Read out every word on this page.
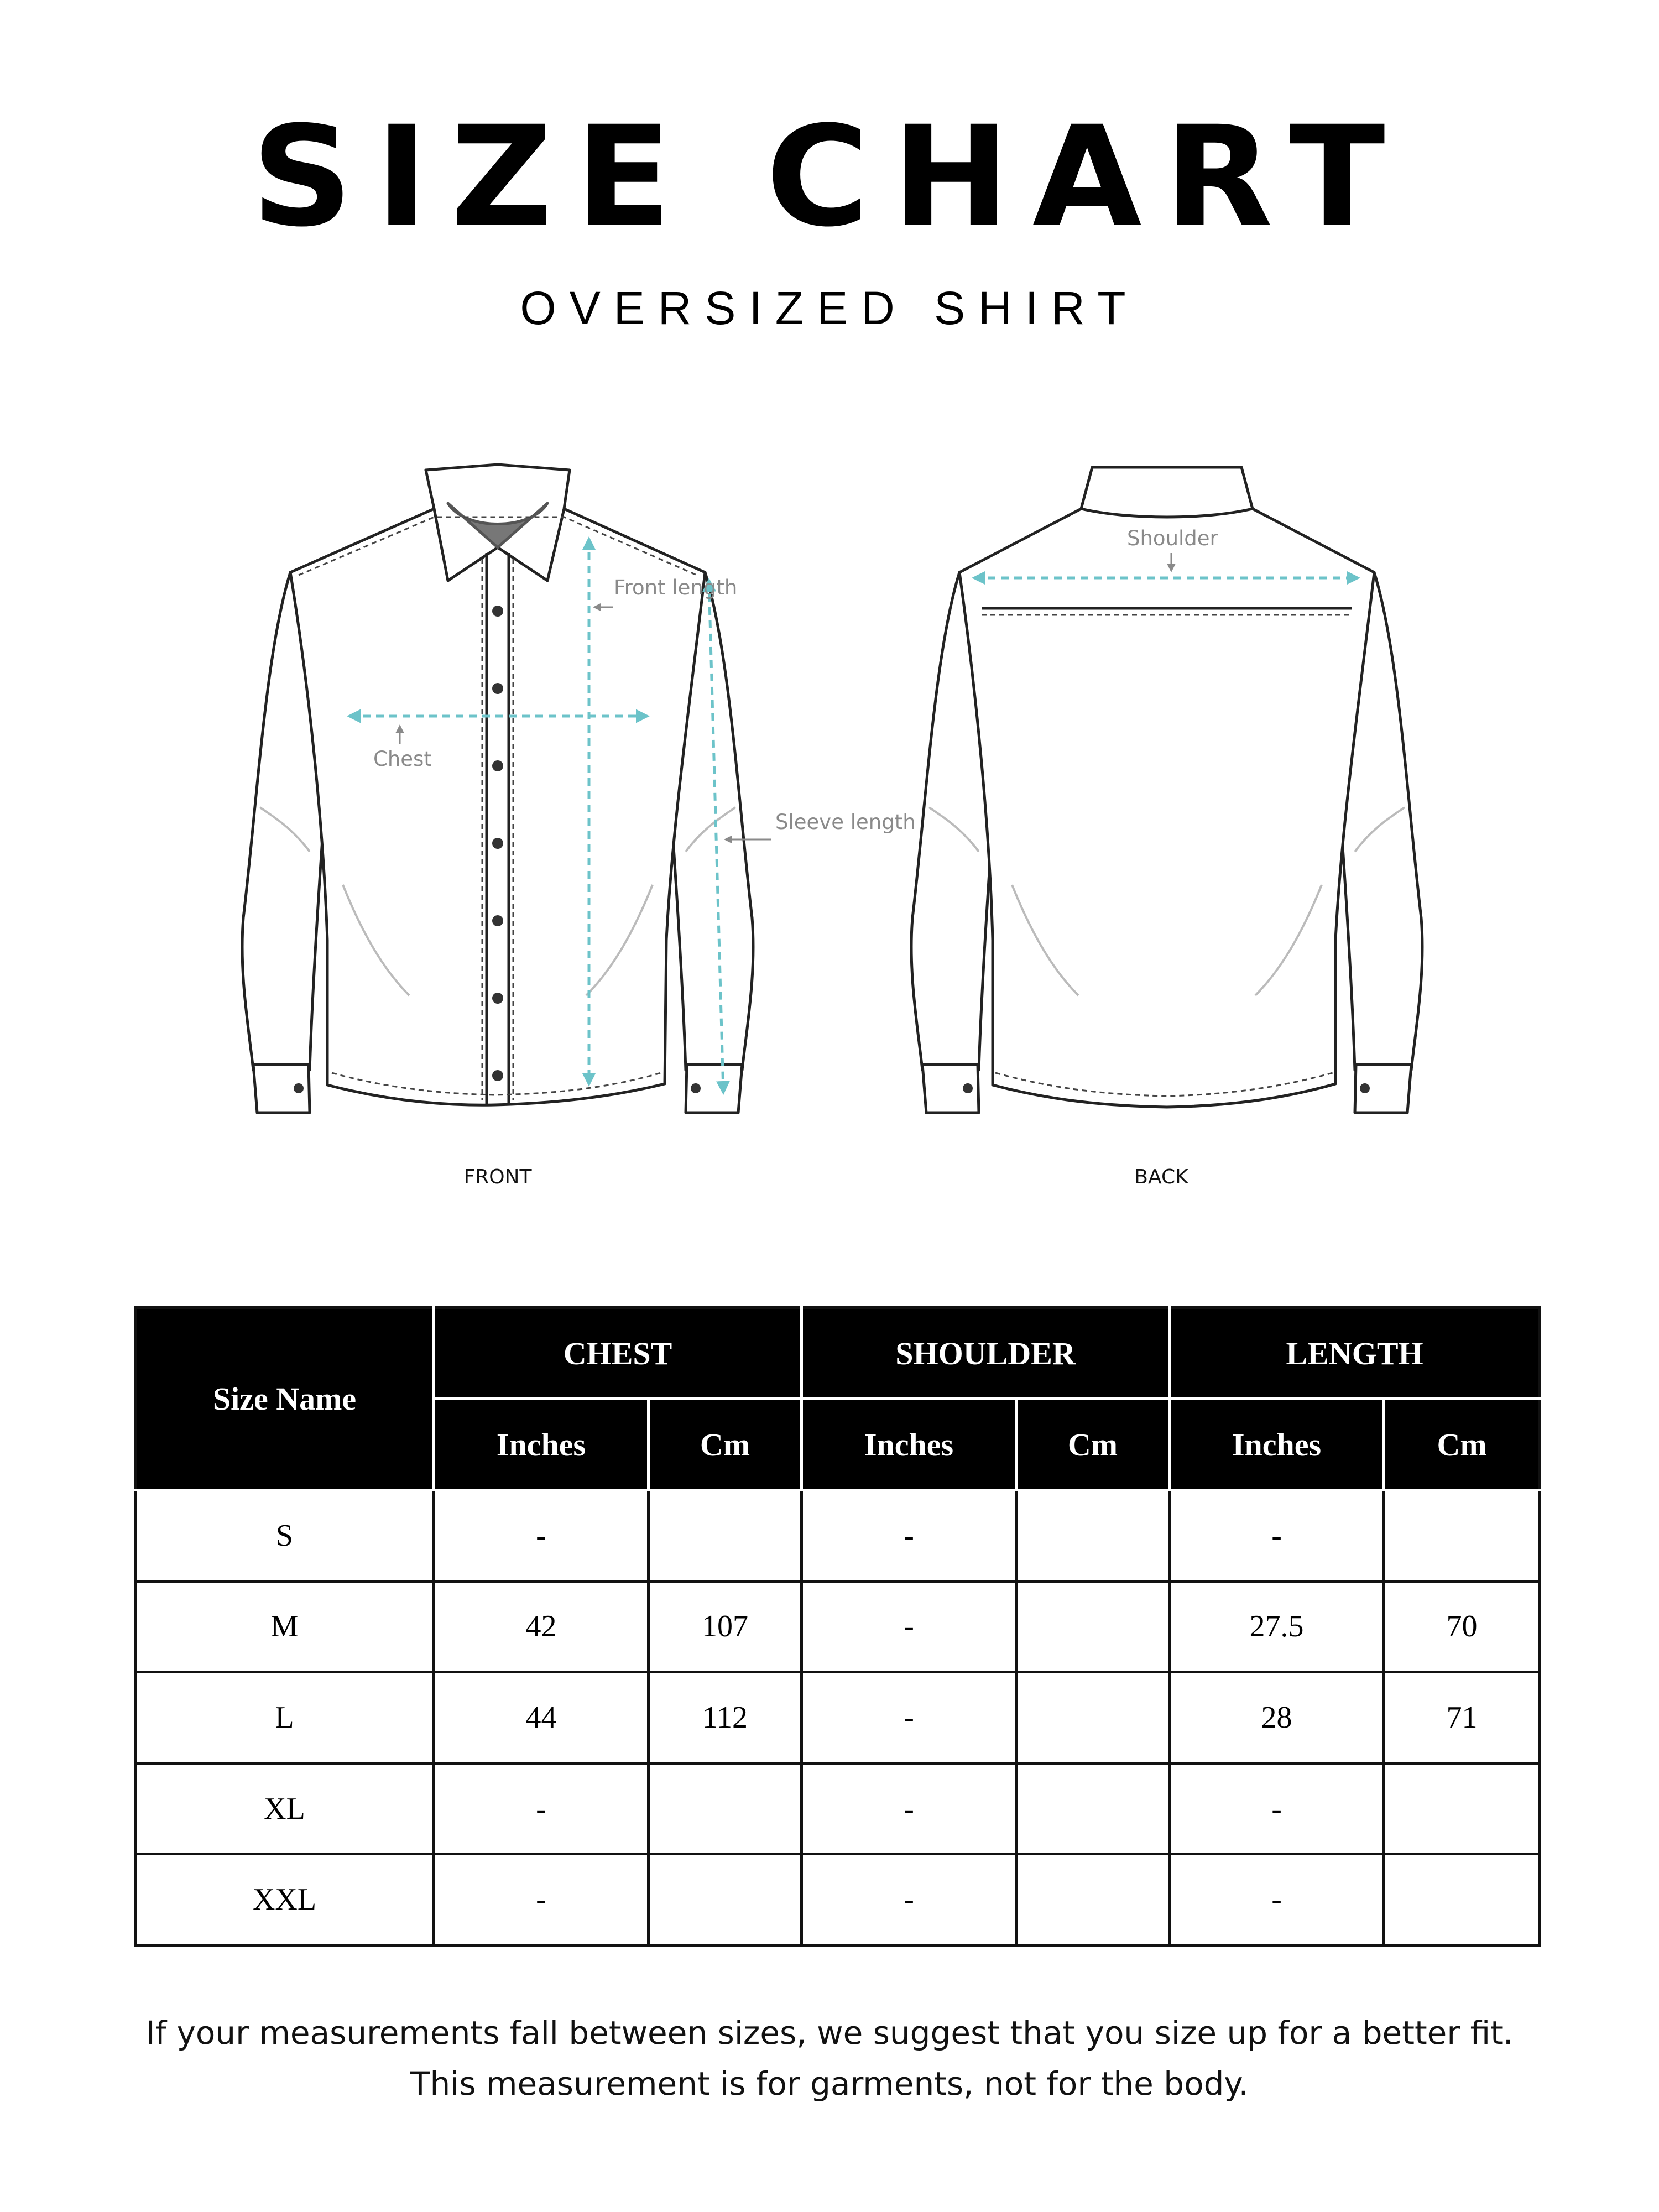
SIZE CHART
OVERSIZED SHIRT
Front length
Chest
Sleeve length
Shoulder
FRONT	BACK
Size Name	CHEST		SHOULDER		LENGTH	
	Inches	Cm	Inches	Cm	Inches	Cm
S	-		-		-	
M	42	107	-		27.5	70
L	44	112	-		28	71
XL	-		-		-	
XXL	-		-		-	
If your measurements fall between sizes, we suggest that you size up for a better fit.
This measurement is for garments, not for the body.
